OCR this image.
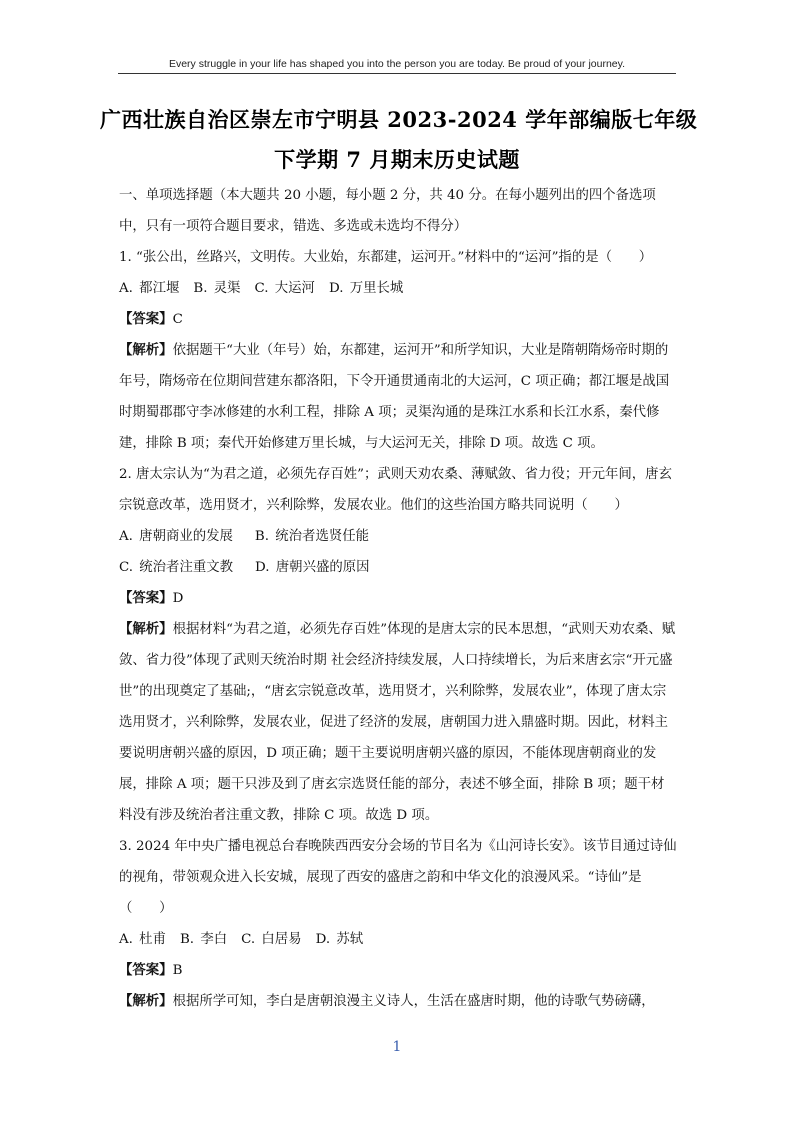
Every struggle in your life has shaped you into the person you are today. Be proud of your journey.
广西壮族自治区崇左市宁明县 2023-2024 学年部编版七年级
下学期 7 月期末历史试题

一、单项选择题（本大题共 20 小题，每小题 2 分，共 40 分。在每小题列出的四个备选项中，只有一项符合题目要求，错选、多选或未选均不得分）

1. “张公出，丝路兴，文明传。大业始，东都建，运河开。”材料中的“运河”指的是（　　）

A. 都江堰 B. 灵渠 C. 大运河 D. 万里长城

【答案】C

【解析】依据题干“大业（年号）始，东都建，运河开”和所学知识，大业是隋朝隋炀帝时期的年号，隋炀帝在位期间营建东都洛阳，下令开通贯通南北的大运河，C 项正确；都江堰是战国时期蜀郡郡守李冰修建的水利工程，排除 A 项；灵渠沟通的是珠江水系和长江水系，秦代修建，排除 B 项；秦代开始修建万里长城，与大运河无关，排除 D 项。故选 C 项。

2. 唐太宗认为“为君之道，必须先存百姓”；武则天劝农桑、薄赋敛、省力役；开元年间，唐玄宗锐意改革，选用贤才，兴利除弊，发展农业。他们的这些治国方略共同说明（　　）

A. 唐朝商业的发展 B. 统治者选贤任能

C. 统治者注重文教 D. 唐朝兴盛的原因

【答案】D

【解析】根据材料“为君之道，必须先存百姓”体现的是唐太宗的民本思想，“武则天劝农桑、赋敛、省力役”体现了武则天统治时期 社会经济持续发展，人口持续增长，为后来唐玄宗“开元盛世”的出现奠定了基础;，“唐玄宗锐意改革，选用贤才，兴利除弊，发展农业”，体现了唐太宗选用贤才，兴利除弊，发展农业，促进了经济的发展，唐朝国力进入鼎盛时期。因此，材料主要说明唐朝兴盛的原因，D 项正确；题干主要说明唐朝兴盛的原因，不能体现唐朝商业的发展，排除 A 项；题干只涉及到了唐玄宗选贤任能的部分，表述不够全面，排除 B 项；题干材料没有涉及统治者注重文教，排除 C 项。故选 D 项。

3. 2024 年中央广播电视总台春晚陕西西安分会场的节目名为《山河诗长安》。该节目通过诗仙的视角，带领观众进入长安城，展现了西安的盛唐之韵和中华文化的浪漫风采。“诗仙”是（　　）

A. 杜甫 B. 李白 C. 白居易 D. 苏轼

【答案】B

【解析】根据所学可知，李白是唐朝浪漫主义诗人，生活在盛唐时期，他的诗歌气势磅礴，

1
